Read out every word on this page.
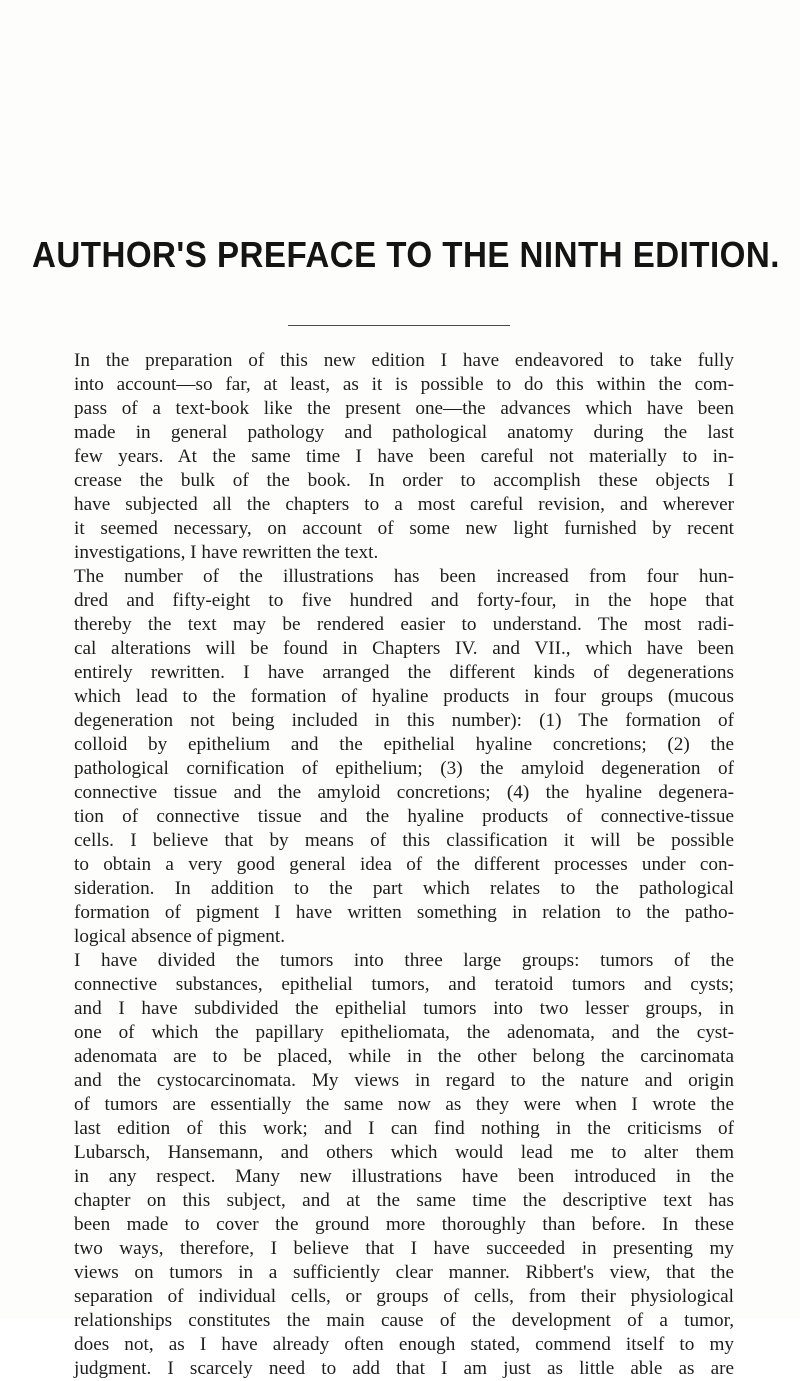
AUTHOR'S PREFACE TO THE NINTH EDITION.
In the preparation of this new edition I have endeavored to take fully
into account—so far, at least, as it is possible to do this within the com-
pass of a text-book like the present one—the advances which have been
made in general pathology and pathological anatomy during the last
few years. At the same time I have been careful not materially to in-
crease the bulk of the book. In order to accomplish these objects I
have subjected all the chapters to a most careful revision, and wherever
it seemed necessary, on account of some new light furnished by recent
investigations, I have rewritten the text.
The number of the illustrations has been increased from four hun-
dred and fifty-eight to five hundred and forty-four, in the hope that
thereby the text may be rendered easier to understand. The most radi-
cal alterations will be found in Chapters IV. and VII., which have been
entirely rewritten. I have arranged the different kinds of degenerations
which lead to the formation of hyaline products in four groups (mucous
degeneration not being included in this number): (1) The formation of
colloid by epithelium and the epithelial hyaline concretions; (2) the
pathological cornification of epithelium; (3) the amyloid degeneration of
connective tissue and the amyloid concretions; (4) the hyaline degenera-
tion of connective tissue and the hyaline products of connective-tissue
cells. I believe that by means of this classification it will be possible
to obtain a very good general idea of the different processes under con-
sideration. In addition to the part which relates to the pathological
formation of pigment I have written something in relation to the patho-
logical absence of pigment.
I have divided the tumors into three large groups: tumors of the
connective substances, epithelial tumors, and teratoid tumors and cysts;
and I have subdivided the epithelial tumors into two lesser groups, in
one of which the papillary epitheliomata, the adenomata, and the cyst-
adenomata are to be placed, while in the other belong the carcinomata
and the cystocarcinomata. My views in regard to the nature and origin
of tumors are essentially the same now as they were when I wrote the
last edition of this work; and I can find nothing in the criticisms of
Lubarsch, Hansemann, and others which would lead me to alter them
in any respect. Many new illustrations have been introduced in the
chapter on this subject, and at the same time the descriptive text has
been made to cover the ground more thoroughly than before. In these
two ways, therefore, I believe that I have succeeded in presenting my
views on tumors in a sufficiently clear manner. Ribbert's view, that the
separation of individual cells, or groups of cells, from their physiological
relationships constitutes the main cause of the development of a tumor,
does not, as I have already often enough stated, commend itself to my
judgment. I scarcely need to add that I am just as little able as are
